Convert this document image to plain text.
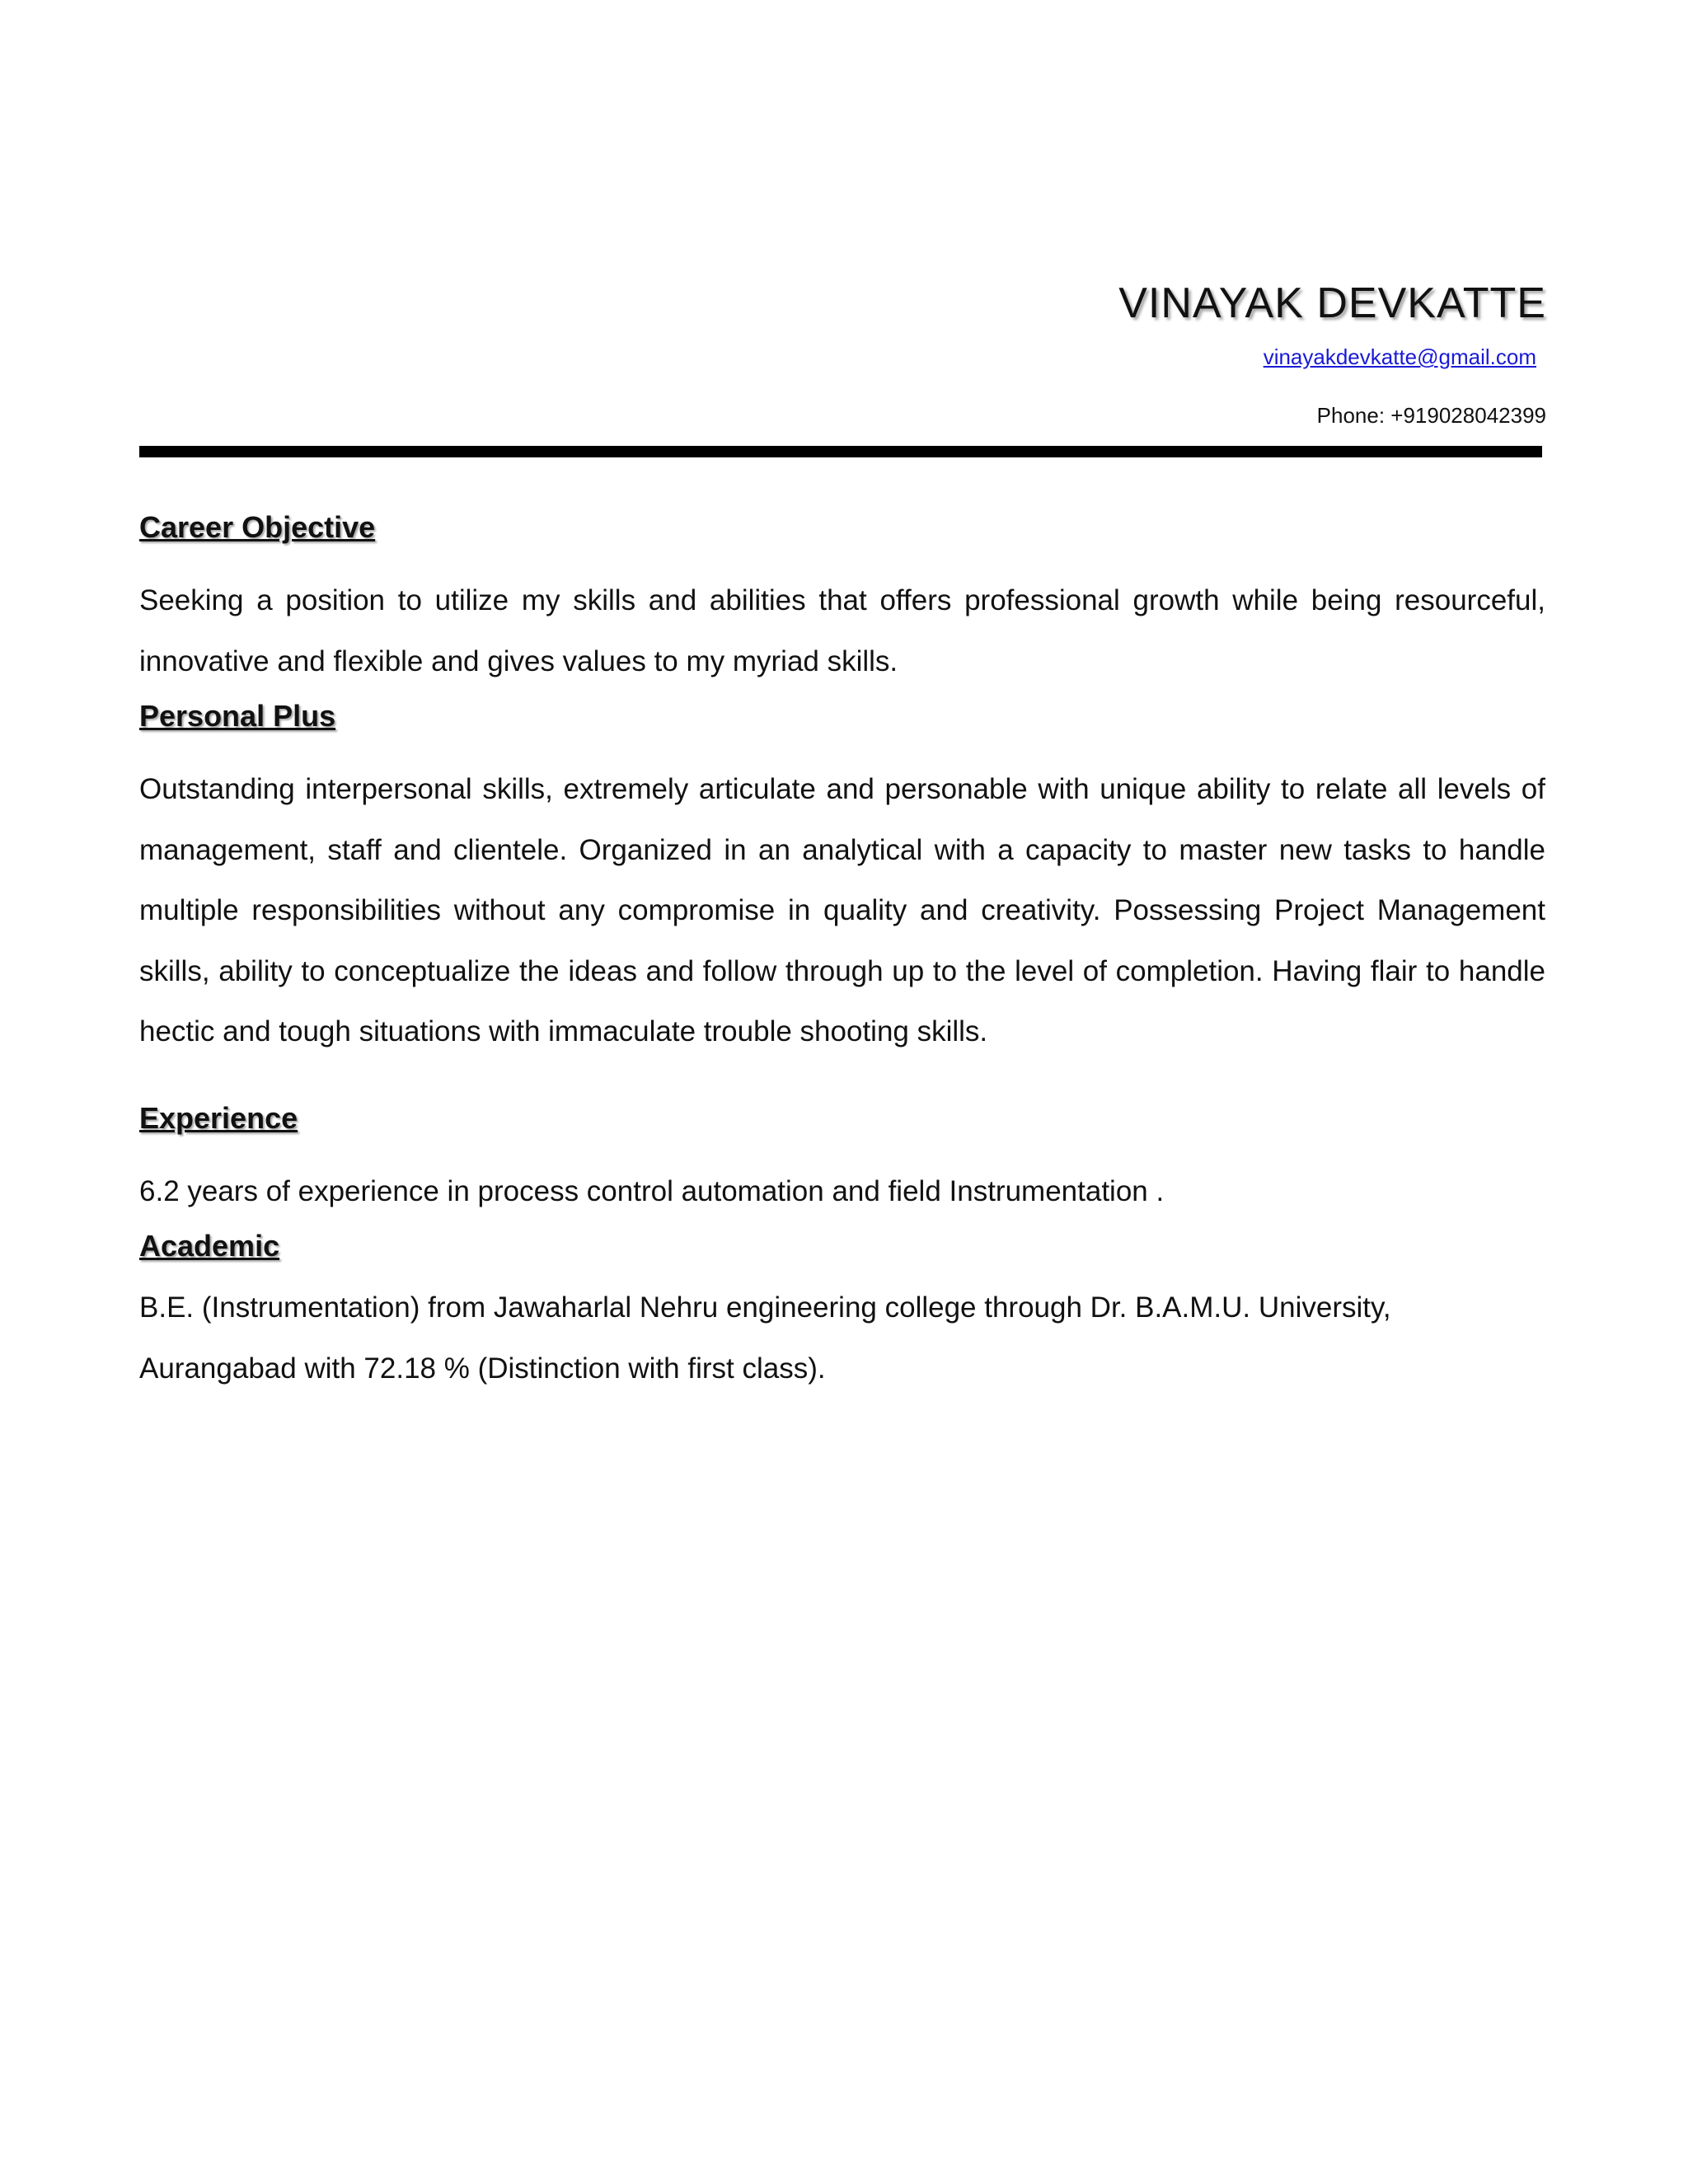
VINAYAK DEVKATTE
vinayakdevkatte@gmail.com
Phone: +919028042399
Career Objective

Seeking a position to utilize my skills and abilities that offers professional growth while being resourceful, innovative and flexible and gives values to my myriad skills.

Personal Plus

Outstanding interpersonal skills, extremely articulate and personable with unique ability to relate all levels of management, staff and clientele. Organized in an analytical with a capacity to master new tasks to handle multiple responsibilities without any compromise in quality and creativity. Possessing Project Management skills, ability to conceptualize the ideas and follow through up to the level of completion. Having flair to handle hectic and tough situations with immaculate trouble shooting skills.

Experience

6.2 years of experience in process control automation and field Instrumentation .

Academic

B.E. (Instrumentation) from Jawaharlal Nehru engineering college through Dr. B.A.M.U. University, Aurangabad with 72.18 % (Distinction with first class).
